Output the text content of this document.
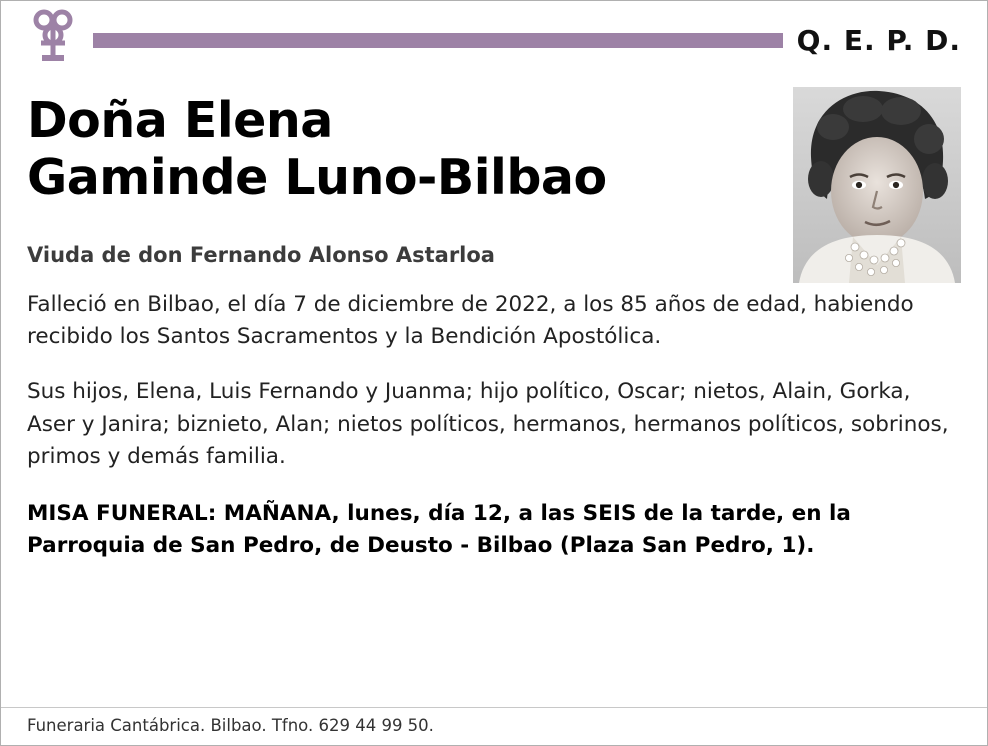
Q. E. P. D.
Doña Elena
Gaminde Luno-Bilbao

Viuda de don Fernando Alonso Astarloa

Falleció en Bilbao, el día 7 de diciembre de 2022, a los 85 años de edad, habiendo recibido los Santos Sacramentos y la Bendición Apostólica.

Sus hijos, Elena, Luis Fernando y Juanma; hijo político, Oscar; nietos, Alain, Gorka, Aser y Janira; biznieto, Alan; nietos políticos, hermanos, hermanos políticos, sobrinos, primos y demás familia.

MISA FUNERAL: MAÑANA, lunes, día 12, a las SEIS de la tarde, en la Parroquia de San Pedro, de Deusto - Bilbao (Plaza San Pedro, 1).

Funeraria Cantábrica. Bilbao. Tfno. 629 44 99 50.
